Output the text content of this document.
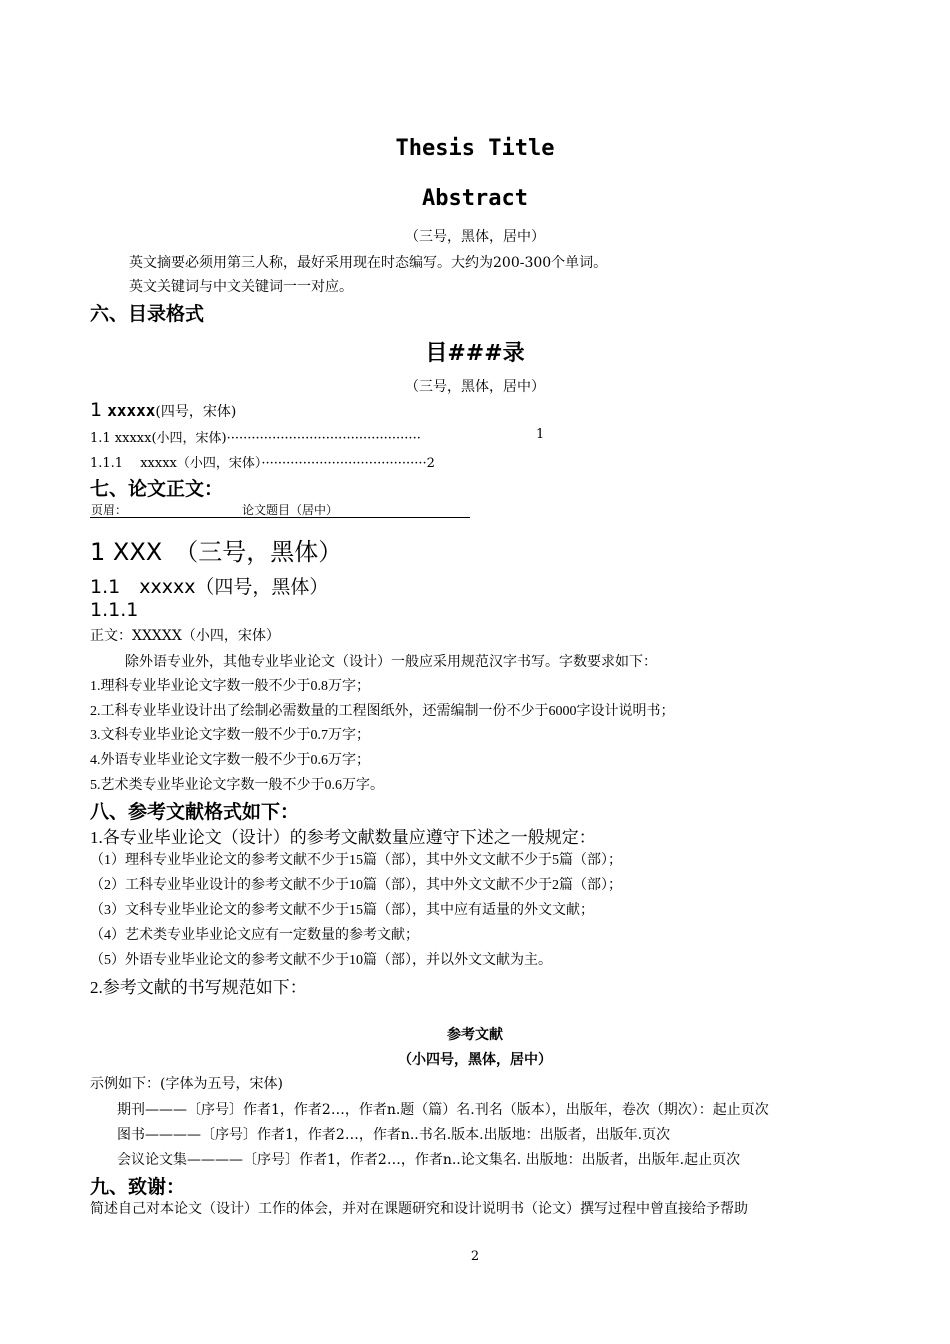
Thesis Title
Abstract
（三号，黑体，居中）
英文摘要必须用第三人称，最好采用现在时态编写。大约为200-300个单词。
英文关键词与中文关键词一一对应。
六、目录格式
目###录
（三号，黑体，居中）
1 xxxxx(四号，宋体)
1.1 xxxxx(小四，宋体)···············································	1
1.1.1　 xxxxx（小四，宋体）········································2
七、论文正文：
页眉：	论文题目（居中）
1 XXX　（三号，黑体）
1.1　xxxxx（四号，黑体）
1.1.1
正文：XXXXX（小四，宋体）
除外语专业外，其他专业毕业论文（设计）一般应采用规范汉字书写。字数要求如下：
1.理科专业毕业论文字数一般不少于0.8万字；
2.工科专业毕业设计出了绘制必需数量的工程图纸外，还需编制一份不少于6000字设计说明书；
3.文科专业毕业论文字数一般不少于0.7万字；
4.外语专业毕业论文字数一般不少于0.6万字；
5.艺术类专业毕业论文字数一般不少于0.6万字。
八、参考文献格式如下：
1.各专业毕业论文（设计）的参考文献数量应遵守下述之一般规定：
（1）理科专业毕业论文的参考文献不少于15篇（部），其中外文文献不少于5篇（部）；
（2）工科专业毕业设计的参考文献不少于10篇（部），其中外文文献不少于2篇（部）；
（3）文科专业毕业论文的参考文献不少于15篇（部），其中应有适量的外文文献；
（4）艺术类专业毕业论文应有一定数量的参考文献；
（5）外语专业毕业论文的参考文献不少于10篇（部），并以外文文献为主。
2.参考文献的书写规范如下：
参考文献
（小四号，黑体，居中）
示例如下：(字体为五号，宋体)
期刊———〔序号〕作者1，作者2…，作者n.题（篇）名.刊名（版本），出版年，卷次（期次）：起止页次
图书————〔序号〕作者1，作者2…，作者n..书名.版本.出版地：出版者，出版年.页次
会议论文集————〔序号〕作者1，作者2…，作者n..论文集名. 出版地：出版者，出版年.起止页次
九、致谢：
简述自己对本论文（设计）工作的体会，并对在课题研究和设计说明书（论文）撰写过程中曾直接给予帮助
2
